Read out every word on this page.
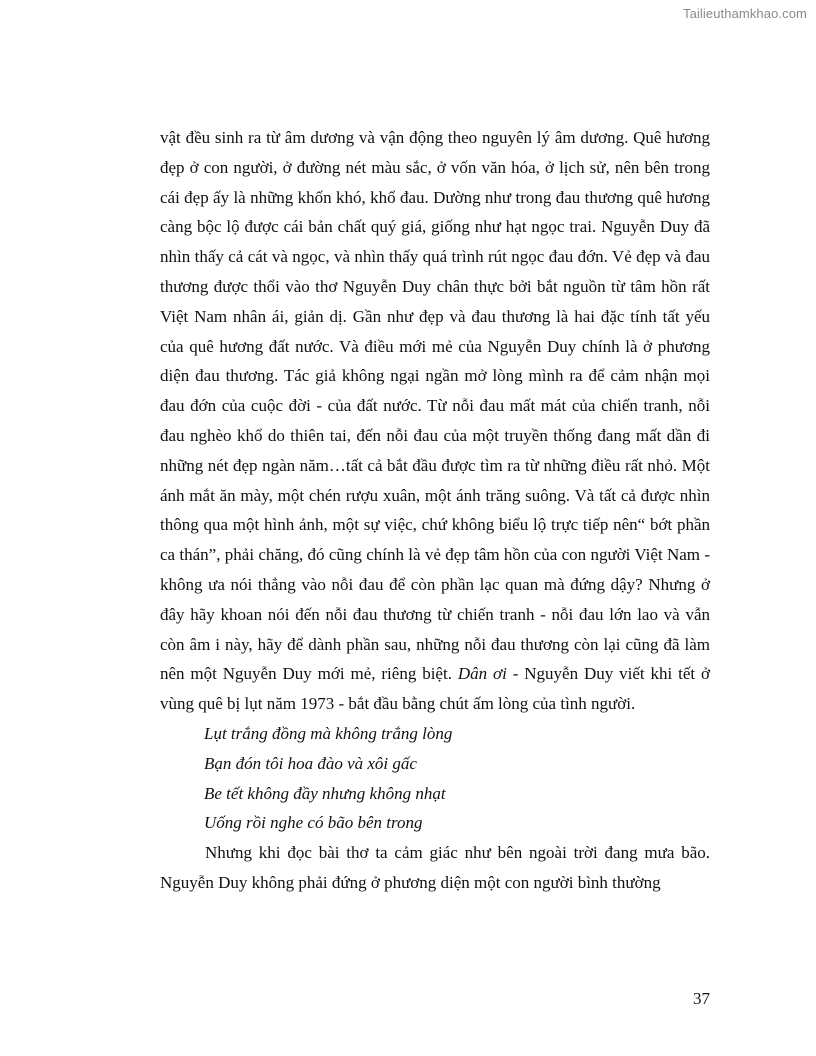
Tailieuthamkhao.com

vật đều sinh ra từ âm dương và vận động theo nguyên lý âm dương. Quê hương đẹp ở con người, ở đường nét màu sắc, ở vốn văn hóa, ở lịch sử, nên bên trong cái đẹp ấy là những khốn khó, khổ đau. Dường như trong đau thương quê hương càng bộc lộ được cái bản chất quý giá, giống như hạt ngọc trai. Nguyễn Duy đã nhìn thấy cả cát và ngọc, và nhìn thấy quá trình rút ngọc đau đớn. Vẻ đẹp và đau thương được thổi vào thơ Nguyễn Duy chân thực bởi bắt nguồn từ tâm hồn rất Việt Nam nhân ái, giản dị. Gần như đẹp và đau thương là hai đặc tính tất yếu của quê hương đất nước. Và điều mới mẻ của Nguyễn Duy chính là ở phương diện đau thương. Tác giả không ngại ngần mở lòng mình ra để cảm nhận mọi đau đớn của cuộc đời - của đất nước. Từ nỗi đau mất mát của chiến tranh, nỗi đau nghèo khổ do thiên tai, đến nỗi đau của một truyền thống đang mất dần đi những nét đẹp ngàn năm…tất cả bắt đầu được tìm ra từ những điều rất nhỏ. Một ánh mắt ăn mày, một chén rượu xuân, một ánh trăng suông. Và tất cả được nhìn thông qua một hình ảnh, một sự việc, chứ không biểu lộ trực tiếp nên“ bớt phần ca thán”, phải chăng, đó cũng chính là vẻ đẹp tâm hồn của con người Việt Nam - không ưa nói thẳng vào nỗi đau để còn phần lạc quan mà đứng dậy? Nhưng ở đây hãy khoan nói đến nỗi đau thương từ chiến tranh - nỗi đau lớn lao và vẫn còn âm i này, hãy để dành phần sau, những nỗi đau thương còn lại cũng đã làm nên một Nguyễn Duy mới mẻ, riêng biệt. Dân ơi - Nguyễn Duy viết khi tết ở vùng quê bị lụt năm 1973 - bắt đầu bằng chút ấm lòng của tình người.

Lụt trắng đồng mà không trắng lòng
Bạn đón tôi hoa đào và xôi gấc
Be tết không đầy nhưng không nhạt
Uống rồi nghe có bão bên trong

Nhưng khi đọc bài thơ ta cảm giác như bên ngoài trời đang mưa bão. Nguyễn Duy không phải đứng ở phương diện một con người bình thường

37
